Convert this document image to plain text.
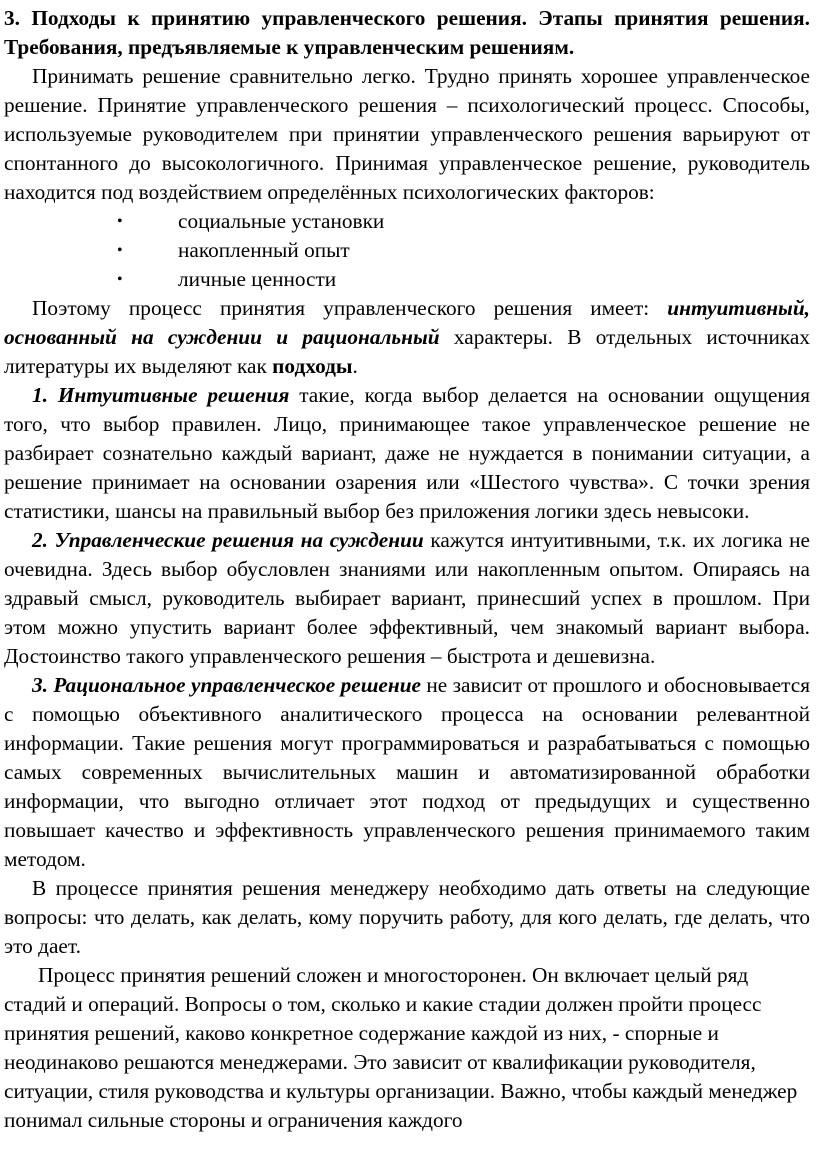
3. Подходы к принятию управленческого решения. Этапы принятия решения. Требования, предъявляемые к управленческим решениям.

Принимать решение сравнительно легко. Трудно принять хорошее управленческое решение. Принятие управленческого решения – психологический процесс. Способы, используемые руководителем при принятии управленческого решения варьируют от спонтанного до высокологичного. Принимая управленческое решение, руководитель находится под воздействием определённых психологических факторов:

•	социальные установки
•	накопленный опыт
•	личные ценности

Поэтому процесс принятия управленческого решения имеет: интуитивный, основанный на суждении и рациональный характеры. В отдельных источниках литературы их выделяют как подходы.

1. Интуитивные решения такие, когда выбор делается на основании ощущения того, что выбор правилен. Лицо, принимающее такое управленческое решение не разбирает сознательно каждый вариант, даже не нуждается в понимании ситуации, а решение принимает на основании озарения или «Шестого чувства». С точки зрения статистики, шансы на правильный выбор без приложения логики здесь невысоки.

2. Управленческие решения на суждении кажутся интуитивными, т.к. их логика не очевидна. Здесь выбор обусловлен знаниями или накопленным опытом. Опираясь на здравый смысл, руководитель выбирает вариант, принесший успех в прошлом. При этом можно упустить вариант более эффективный, чем знакомый вариант выбора. Достоинство такого управленческого решения – быстрота и дешевизна.

3. Рациональное управленческое решение не зависит от прошлого и обосновывается с помощью объективного аналитического процесса на основании релевантной информации. Такие решения могут программироваться и разрабатываться с помощью самых современных вычислительных машин и автоматизированной обработки информации, что выгодно отличает этот подход от предыдущих и существенно повышает качество и эффективность управленческого решения принимаемого таким методом.

В процессе принятия решения менеджеру необходимо дать ответы на следующие вопросы: что делать, как делать, кому поручить работу, для кого делать, где делать, что это дает.

Процесс принятия решений сложен и многосторонен. Он включает целый ряд стадий и операций. Вопросы о том, сколько и какие стадии должен пройти процесс принятия решений, каково конкретное содержание каждой из них, - спорные и неодинаково решаются менеджерами. Это зависит от квалификации руководителя, ситуации, стиля руководства и культуры организации. Важно, чтобы каждый менеджер понимал сильные стороны и ограничения каждого
